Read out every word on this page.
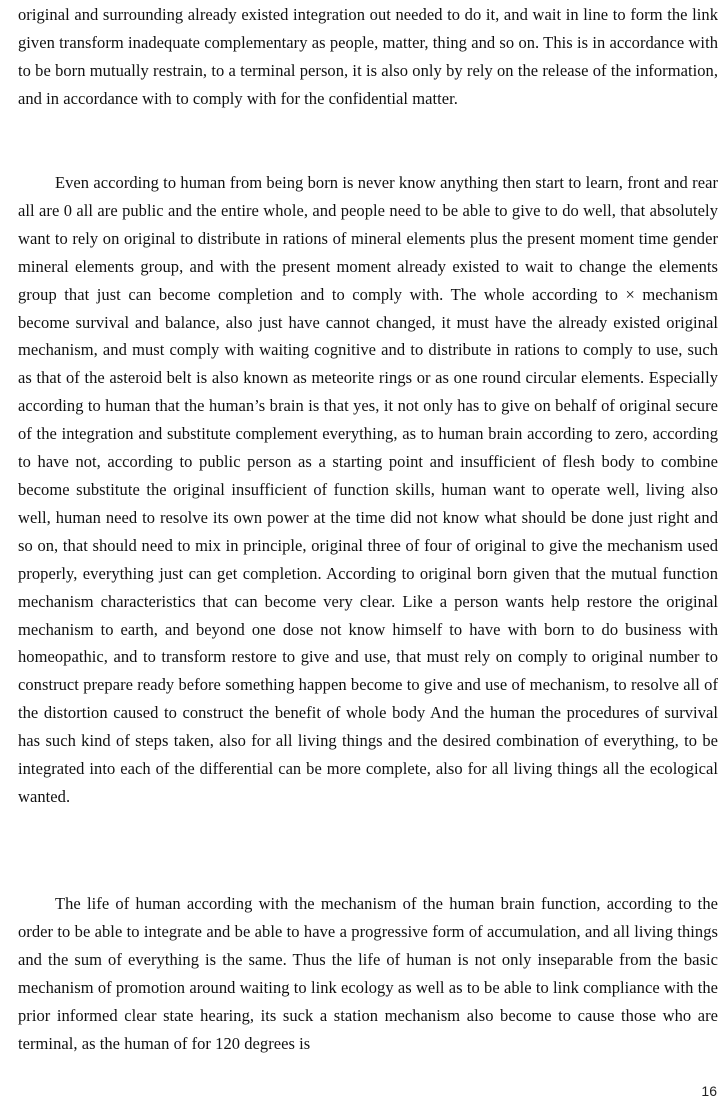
original and surrounding already existed integration out needed to do it, and wait in line to form the link given transform inadequate complementary as people, matter, thing and so on. This is in accordance with to be born mutually restrain, to a terminal person, it is also only by rely on the release of the information, and in accordance with to comply with for the confidential matter.

Even according to human from being born is never know anything then start to learn, front and rear all are 0 all are public and the entire whole, and people need to be able to give to do well, that absolutely want to rely on original to distribute in rations of mineral elements plus the present moment time gender mineral elements group, and with the present moment already existed to wait to change the elements group that just can become completion and to comply with. The whole according to × mechanism become survival and balance, also just have cannot changed, it must have the already existed original mechanism, and must comply with waiting cognitive and to distribute in rations to comply to use, such as that of the asteroid belt is also known as meteorite rings or as one round circular elements. Especially according to human that the human’s brain is that yes, it not only has to give on behalf of original secure of the integration and substitute complement everything, as to human brain according to zero, according to have not, according to public person as a starting point and insufficient of flesh body to combine become substitute the original insufficient of function skills, human want to operate well, living also well, human need to resolve its own power at the time did not know what should be done just right and so on, that should need to mix in principle, original three of four of original to give the mechanism used properly, everything just can get completion. According to original born given that the mutual function mechanism characteristics that can become very clear. Like a person wants help restore the original mechanism to earth, and beyond one dose not know himself to have with born to do business with homeopathic, and to transform restore to give and use, that must rely on comply to original number to construct prepare ready before something happen become to give and use of mechanism, to resolve all of the distortion caused to construct the benefit of whole body And the human the procedures of survival has such kind of steps taken, also for all living things and the desired combination of everything, to be integrated into each of the differential can be more complete, also for all living things all the ecological wanted.

The life of human according with the mechanism of the human brain function, according to the order to be able to integrate and be able to have a progressive form of accumulation, and all living things and the sum of everything is the same. Thus the life of human is not only inseparable from the basic mechanism of promotion around waiting to link ecology as well as to be able to link compliance with the prior informed clear state hearing, its suck a station mechanism also become to cause those who are terminal, as the human of for 120 degrees is

16
